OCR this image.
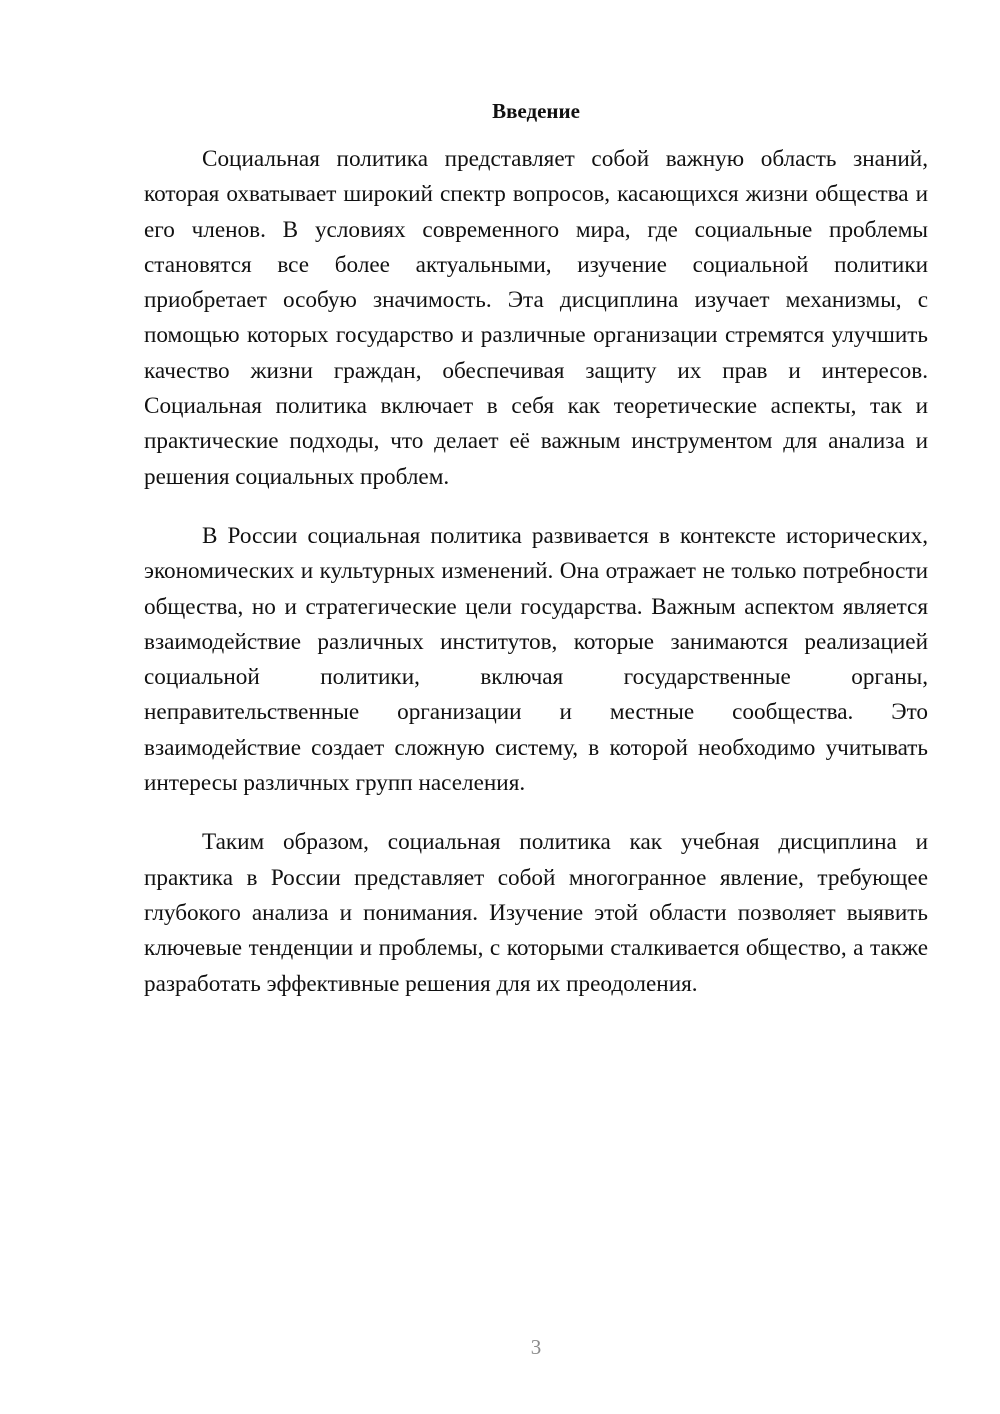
Введение

Социальная политика представляет собой важную область знаний, которая охватывает широкий спектр вопросов, касающихся жизни общества и его членов. В условиях современного мира, где социальные проблемы становятся все более актуальными, изучение социальной политики приобретает особую значимость. Эта дисциплина изучает механизмы, с помощью которых государство и различные организации стремятся улучшить качество жизни граждан, обеспечивая защиту их прав и интересов. Социальная политика включает в себя как теоретические аспекты, так и практические подходы, что делает её важным инструментом для анализа и решения социальных проблем.

В России социальная политика развивается в контексте исторических, экономических и культурных изменений. Она отражает не только потребности общества, но и стратегические цели государства. Важным аспектом является взаимодействие различных институтов, которые занимаются реализацией социальной политики, включая государственные органы, неправительственные организации и местные сообщества. Это взаимодействие создает сложную систему, в которой необходимо учитывать интересы различных групп населения.

Таким образом, социальная политика как учебная дисциплина и практика в России представляет собой многогранное явление, требующее глубокого анализа и понимания. Изучение этой области позволяет выявить ключевые тенденции и проблемы, с которыми сталкивается общество, а также разработать эффективные решения для их преодоления.

3
